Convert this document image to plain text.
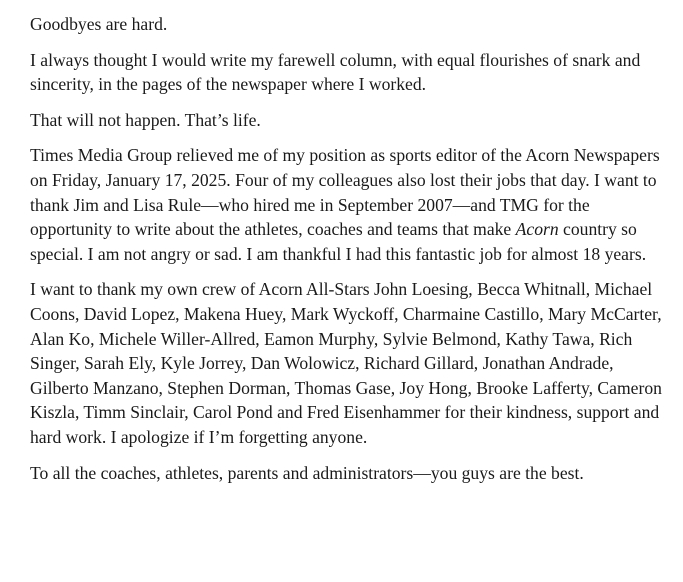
Goodbyes are hard.

I always thought I would write my farewell column, with equal flourishes of snark and sincerity, in the pages of the newspaper where I worked.

That will not happen. That’s life.

Times Media Group relieved me of my position as sports editor of the Acorn Newspapers on Friday, January 17, 2025. Four of my colleagues also lost their jobs that day. I want to thank Jim and Lisa Rule—who hired me in September 2007—and TMG for the opportunity to write about the athletes, coaches and teams that make Acorn country so special. I am not angry or sad. I am thankful I had this fantastic job for almost 18 years.

I want to thank my own crew of Acorn All-Stars John Loesing, Becca Whitnall, Michael Coons, David Lopez, Makena Huey, Mark Wyckoff, Charmaine Castillo, Mary McCarter, Alan Ko, Michele Willer-Allred, Eamon Murphy, Sylvie Belmond, Kathy Tawa, Rich Singer, Sarah Ely, Kyle Jorrey, Dan Wolowicz, Richard Gillard, Jonathan Andrade, Gilberto Manzano, Stephen Dorman, Thomas Gase, Joy Hong, Brooke Lafferty, Cameron Kiszla, Timm Sinclair, Carol Pond and Fred Eisenhammer for their kindness, support and hard work. I apologize if I’m forgetting anyone.

To all the coaches, athletes, parents and administrators—you guys are the best.
